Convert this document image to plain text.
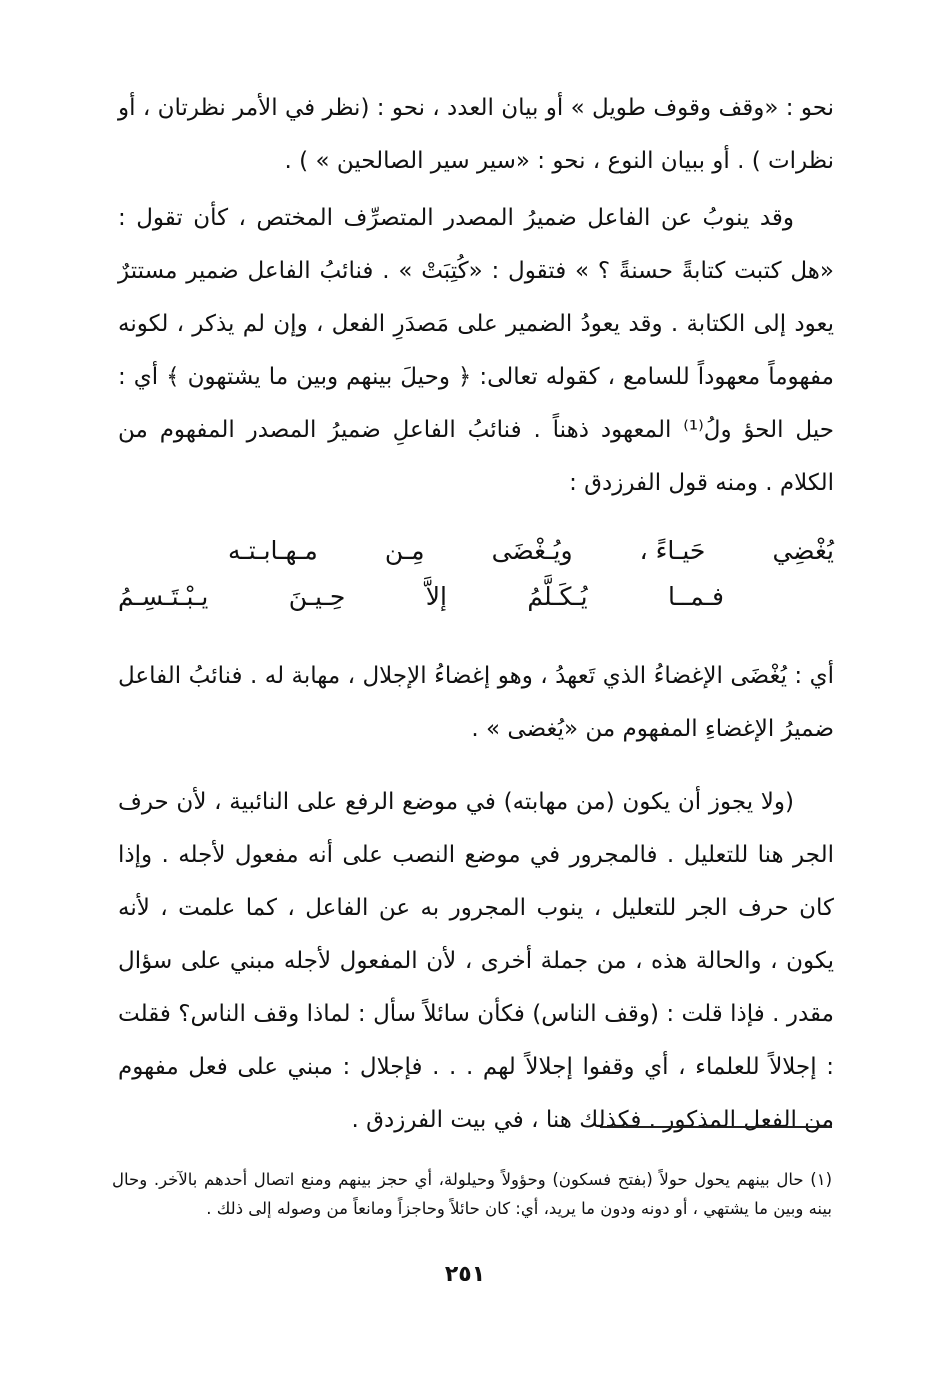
نحو : «وقف وقوف طويل » أو بيان العدد ، نحو : (نظر في الأمر نظرتان ، أو نظرات ) . أو ببيان النوع ، نحو : «سير سير الصالحين » ) .

وقد ينوبُ عن الفاعل ضميرُ المصدر المتصرِّف المختص ، كأن تقول : «هل كتبت كتابةً حسنةً ؟ » فتقول : «كُتِبَتْ » . فنائبُ الفاعل ضمير مستترٌ يعود إلى الكتابة . وقد يعودُ الضمير على مَصدَرِ الفعل ، وإن لم يذكر ، لكونه مفهوماً معهوداً للسامع ، كقوله تعالى: ﴿ وحيلَ بينهم وبين ما يشتهون ﴾ أي : حيل الحؤ ولُ⁽¹⁾ المعهود ذهناً . فنائبُ الفاعلِ ضميرُ المصدر المفهوم من الكلام . ومنه قول الفرزدق :

يُغْضِي
حَيـاءً ،
ويُـغْضَى
مِـن
مـهـابـتـه
فـمــا
يُـكَـلَّمُ
إلاَّ
حِـيـنَ
يـبْـتَـسِـمُ

أي : يُغْضَى الإغضاءُ الذي تَعهدُ ، وهو إغضاءُ الإجلال ، مهابة له . فنائبُ الفاعل ضميرُ الإغضاءِ المفهوم من «يُغضى » .

(ولا يجوز أن يكون (من مهابته) في موضع الرفع على النائبية ، لأن حرف الجر هنا للتعليل . فالمجرور في موضع النصب على أنه مفعول لأجله . وإذا كان حرف الجر للتعليل ، ينوب المجرور به عن الفاعل ، كما علمت ، لأنه يكون ، والحالة هذه ، من جملة أخرى ، لأن المفعول لأجله مبني على سؤال مقدر . فإذا قلت : (وقف الناس) فكأن سائلاً سأل : لماذا وقف الناس؟ فقلت : إجلالاً للعلماء ، أي وقفوا إجلالاً لهم . . . فإجلال : مبني على فعل مفهوم من الفعل المذكور . فكذلك هنا ، في بيت الفرزدق .

(١) حال بينهم يحول حولاً (بفتح فسكون) وحؤولاً وحيلولة، أي حجز بينهم ومنع اتصال أحدهم بالآخر. وحال بينه وبين ما يشتهي ، أو دونه ودون ما يريد، أي: كان حائلاً وحاجزاً ومانعاً من وصوله إلى ذلك .

٢٥١
